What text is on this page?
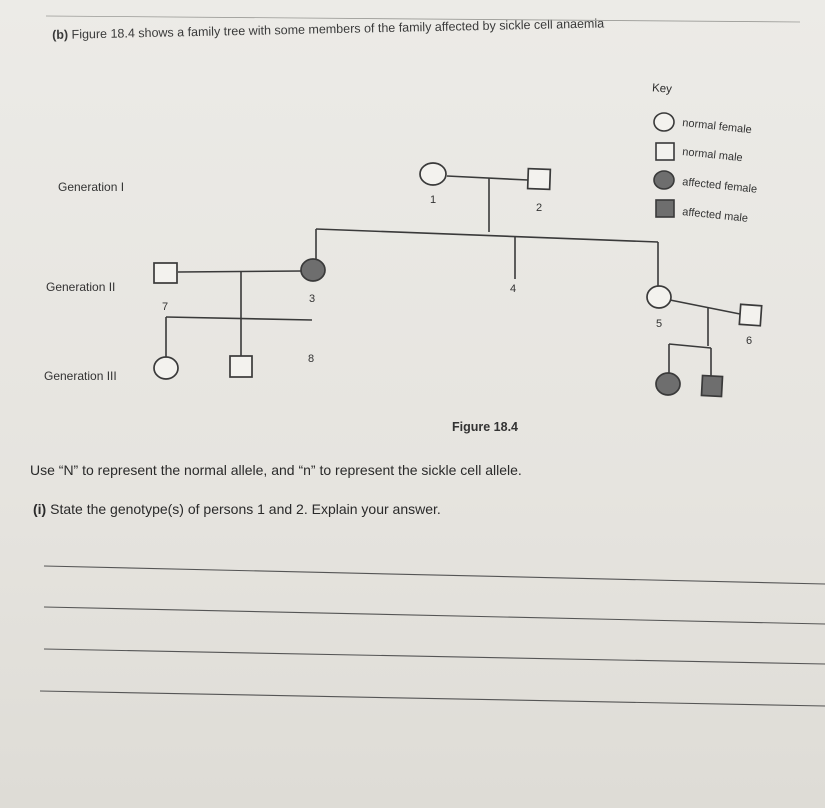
(b) Figure 18.4 shows a family tree with some members of the family affected by sickle cell anaemia
Generation I
Generation II
Generation III
Key
normal female
normal male
affected female
affected male
1
2
3
4
5
6
7
8
Figure 18.4
Use “N” to represent the normal allele, and “n” to represent the sickle cell allele.
(i) State the genotype(s) of persons 1 and 2. Explain your answer.
